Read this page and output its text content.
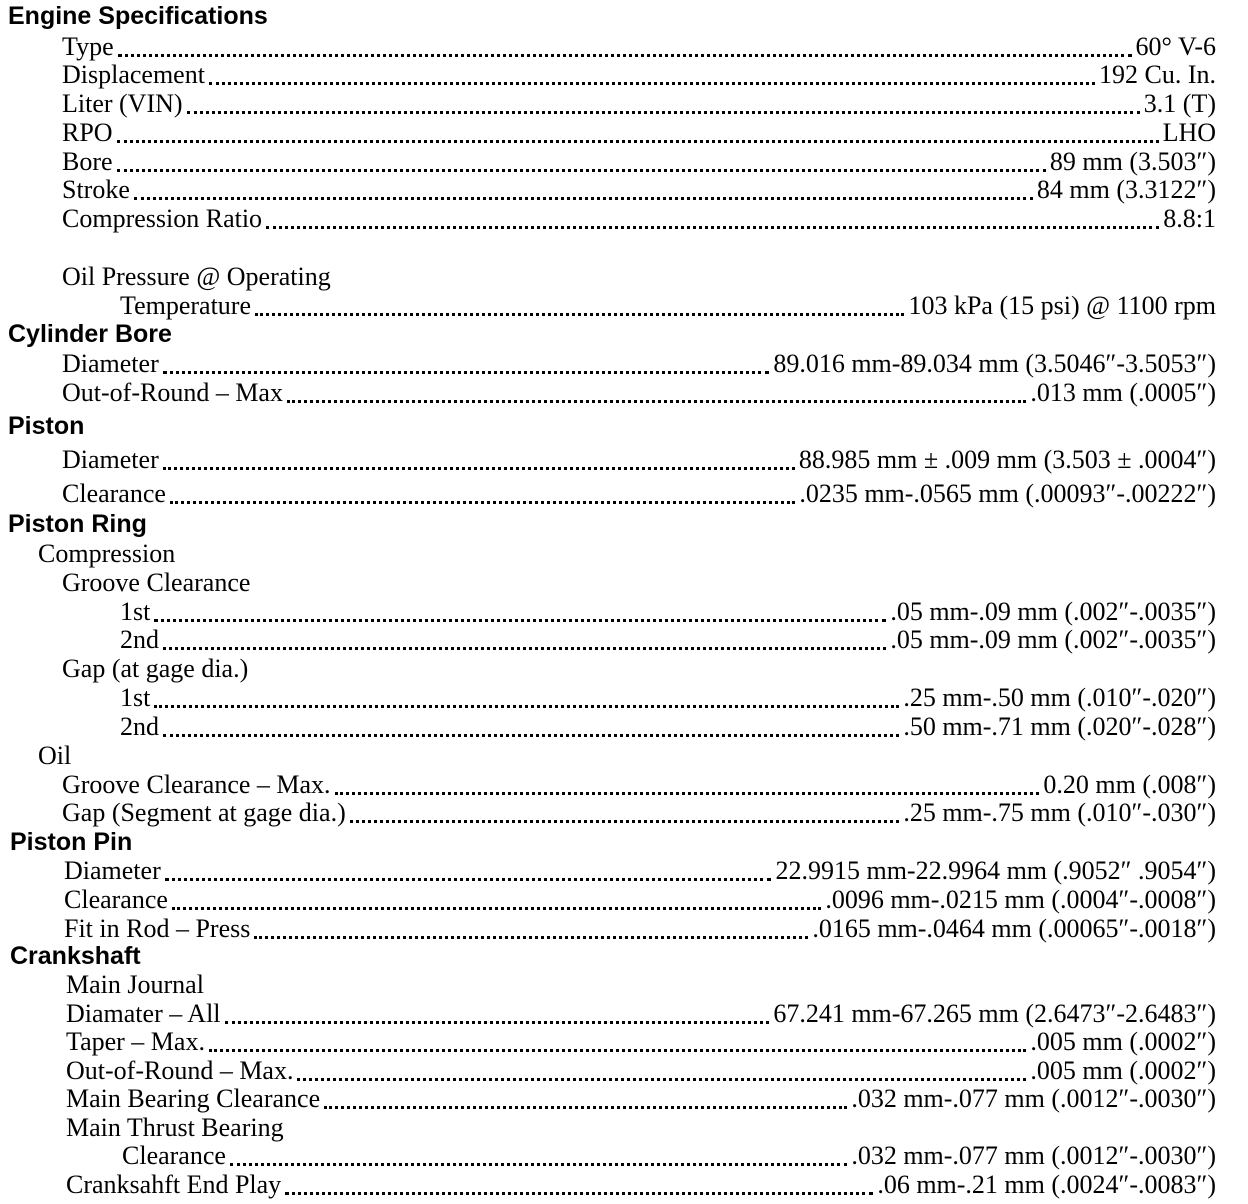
Engine Specifications
Type	60° V-6
Displacement	192 Cu. In.
Liter (VIN)	3.1 (T)
RPO	LHO
Bore	89 mm (3.503″)
Stroke	84 mm (3.3122″)
Compression Ratio	8.8:1
Oil Pressure @ Operating
Temperature	103 kPa (15 psi) @ 1100 rpm
Cylinder Bore
Diameter	89.016 mm-89.034 mm (3.5046″-3.5053″)
Out-of-Round – Max	.013 mm (.0005″)
Piston
Diameter	88.985 mm ± .009 mm (3.503 ± .0004″)
Clearance	.0235 mm-.0565 mm (.00093″-.00222″)
Piston Ring
Compression
Groove Clearance
1st	.05 mm-.09 mm (.002″-.0035″)
2nd	.05 mm-.09 mm (.002″-.0035″)
Gap (at gage dia.)
1st	.25 mm-.50 mm (.010″-.020″)
2nd	.50 mm-.71 mm (.020″-.028″)
Oil
Groove Clearance – Max.	0.20 mm (.008″)
Gap (Segment at gage dia.)	.25 mm-.75 mm (.010″-.030″)
Piston Pin
Diameter	22.9915 mm-22.9964 mm (.9052″ .9054″)
Clearance	.0096 mm-.0215 mm (.0004″-.0008″)
Fit in Rod – Press	.0165 mm-.0464 mm (.00065″-.0018″)
Crankshaft
Main Journal
Diamater – All	67.241 mm-67.265 mm (2.6473″-2.6483″)
Taper – Max.	.005 mm (.0002″)
Out-of-Round – Max.	.005 mm (.0002″)
Main Bearing Clearance	.032 mm-.077 mm (.0012″-.0030″)
Main Thrust Bearing
Clearance	.032 mm-.077 mm (.0012″-.0030″)
Cranksahft End Play	.06 mm-.21 mm (.0024″-.0083″)
